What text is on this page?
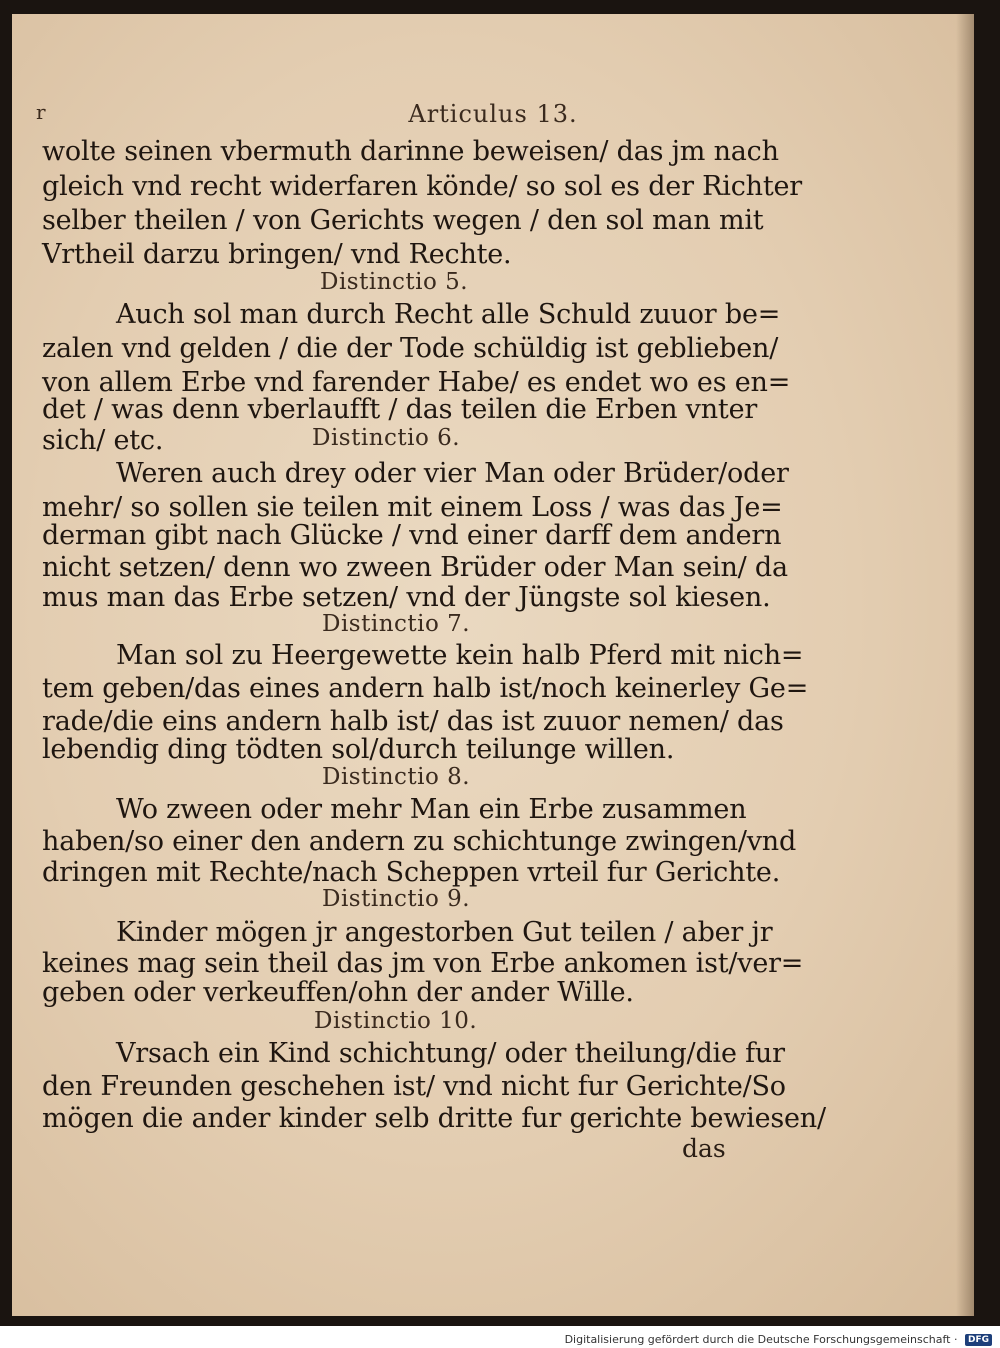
r	Articulus 13.
wolte seinen vbermuth darinne beweisen/ das jm nach
gleich vnd recht widerfaren könde/ so sol es der Richter
selber theilen / von Gerichts wegen / den sol man mit
Vrtheil darzu bringen/ vnd Rechte.
Distinctio 5.
Auch sol man durch Recht alle Schuld zuuor be=
zalen vnd gelden / die der Tode schüldig ist geblieben/
von allem Erbe vnd farender Habe/ es endet wo es en=
det / was denn vberlaufft / das teilen die Erben vnter
sich/ etc.	Distinctio 6.
Weren auch drey oder vier Man oder Brüder/oder
mehr/ so sollen sie teilen mit einem Loss / was das Je=
derman gibt nach Glücke / vnd einer darff dem andern
nicht setzen/ denn wo zween Brüder oder Man sein/ da
mus man das Erbe setzen/ vnd der Jüngste sol kiesen.
Distinctio 7.
Man sol zu Heergewette kein halb Pferd mit nich=
tem geben/das eines andern halb ist/noch keinerley Ge=
rade/die eins andern halb ist/ das ist zuuor nemen/ das
lebendig ding tödten sol/durch teilunge willen.
Distinctio 8.
Wo zween oder mehr Man ein Erbe zusammen
haben/so einer den andern zu schichtunge zwingen/vnd
dringen mit Rechte/nach Scheppen vrteil fur Gerichte.
Distinctio 9.
Kinder mögen jr angestorben Gut teilen / aber jr
keines mag sein theil das jm von Erbe ankomen ist/ver=
geben oder verkeuffen/ohn der ander Wille.
Distinctio 10.
Vrsach ein Kind schichtung/ oder theilung/die fur
den Freunden geschehen ist/ vnd nicht fur Gerichte/So
mögen die ander kinder selb dritte fur gerichte bewiesen/
das
Digitalisierung gefördert durch die Deutsche Forschungsgemeinschaft · DFG
